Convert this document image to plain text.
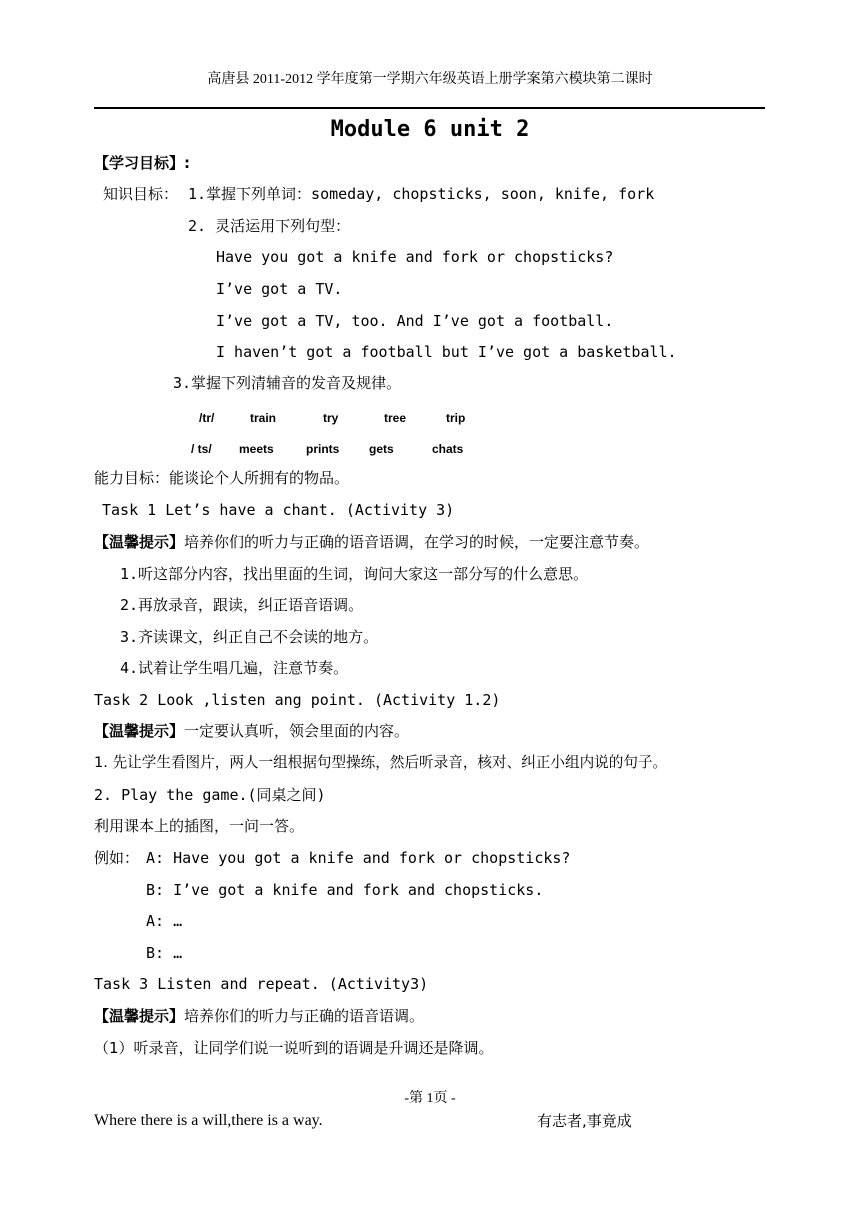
高唐县 2011-2012 学年度第一学期六年级英语上册学案第六模块第二课时
Module 6 unit 2
【学习目标】:
知识目标： 1.掌握下列单词：someday, chopsticks, soon, knife, fork
2. 灵活运用下列句型：
Have you got a knife and fork or chopsticks?
I’ve got a TV.
I’ve got a TV, too. And I’ve got a football.
I haven’t got a football but I’ve got a basketball.
3.掌握下列清辅音的发音及规律。
/tr/	train	try	tree	trip
/ ts/ meets	prints gets	chats
能力目标：能谈论个人所拥有的物品。
Task 1 Let’s have a chant. (Activity 3)
【温馨提示】培养你们的听力与正确的语音语调，在学习的时候，一定要注意节奏。
1.听这部分内容，找出里面的生词，询问大家这一部分写的什么意思。
2.再放录音，跟读，纠正语音语调。
3.齐读课文，纠正自己不会读的地方。
4.试着让学生唱几遍，注意节奏。
Task 2 Look ,listen ang point. (Activity 1.2)
【温馨提示】一定要认真听，领会里面的内容。
1. 先让学生看图片，两人一组根据句型操练，然后听录音，核对、纠正小组内说的句子。
2. Play the game.(同桌之间)
利用课本上的插图，一问一答。
例如： A: Have you got a knife and fork or chopsticks?
B: I’ve got a knife and fork and chopsticks.
A: …
B: …
Task 3 Listen and repeat. (Activity3)
【温馨提示】培养你们的听力与正确的语音语调。
（1）听录音，让同学们说一说听到的语调是升调还是降调。
-第 1页 -
Where there is a will,there is a way.	有志者,事竟成
